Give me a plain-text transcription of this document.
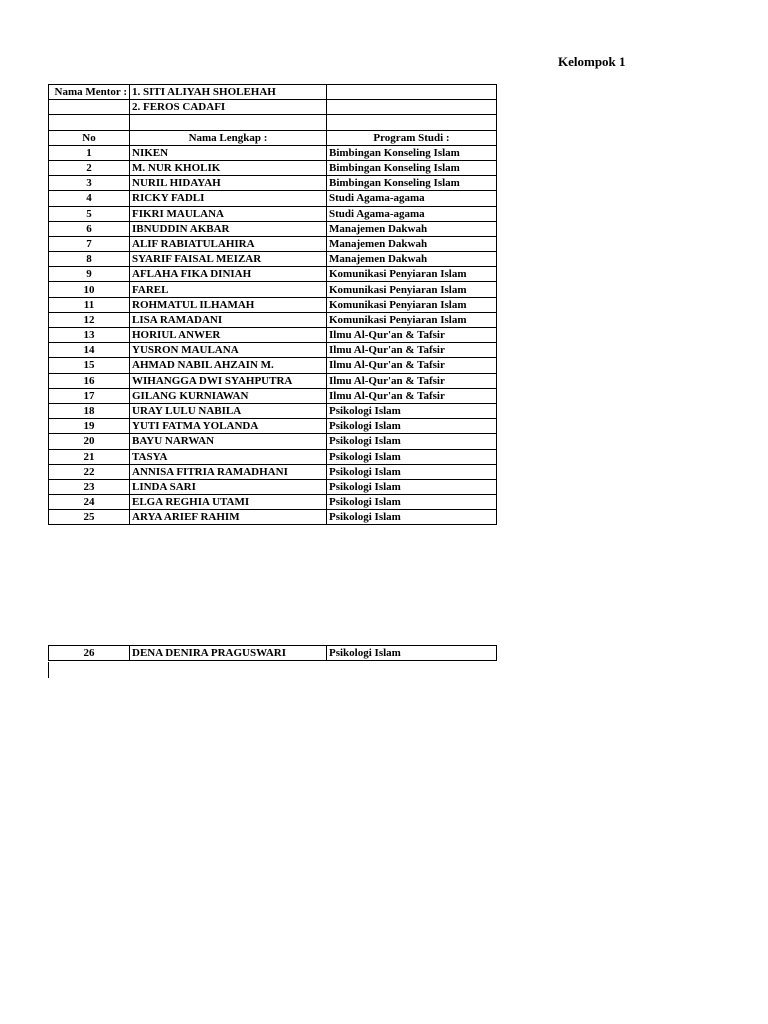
Kelompok 1
Nama Mentor :	1. SITI ALIYAH SHOLEHAH	
	2. FEROS CADAFI	

No	Nama Lengkap :	Program Studi :
1	NIKEN	Bimbingan Konseling Islam
2	M. NUR KHOLIK	Bimbingan Konseling Islam
3	NURIL HIDAYAH	Bimbingan Konseling Islam
4	RICKY FADLI	Studi Agama-agama
5	FIKRI MAULANA	Studi Agama-agama
6	IBNUDDIN AKBAR	Manajemen Dakwah
7	ALIF RABIATULAHIRA	Manajemen Dakwah
8	SYARIF FAISAL MEIZAR	Manajemen Dakwah
9	AFLAHA FIKA DINIAH	Komunikasi Penyiaran Islam
10	FAREL	Komunikasi Penyiaran Islam
11	ROHMATUL ILHAMAH	Komunikasi Penyiaran Islam
12	LISA RAMADANI	Komunikasi Penyiaran Islam
13	HORIUL ANWER	Ilmu Al-Qur'an & Tafsir
14	YUSRON MAULANA	Ilmu Al-Qur'an & Tafsir
15	AHMAD NABIL AHZAIN M.	Ilmu Al-Qur'an & Tafsir
16	WIHANGGA DWI SYAHPUTRA	Ilmu Al-Qur'an & Tafsir
17	GILANG KURNIAWAN	Ilmu Al-Qur'an & Tafsir
18	URAY LULU NABILA	Psikologi Islam
19	YUTI FATMA YOLANDA	Psikologi Islam
20	BAYU NARWAN	Psikologi Islam
21	TASYA	Psikologi Islam
22	ANNISA FITRIA RAMADHANI	Psikologi Islam
23	LINDA SARI	Psikologi Islam
24	ELGA REGHIA UTAMI	Psikologi Islam
25	ARYA ARIEF RAHIM	Psikologi Islam
26	DENA DENIRA PRAGUSWARI	Psikologi Islam
